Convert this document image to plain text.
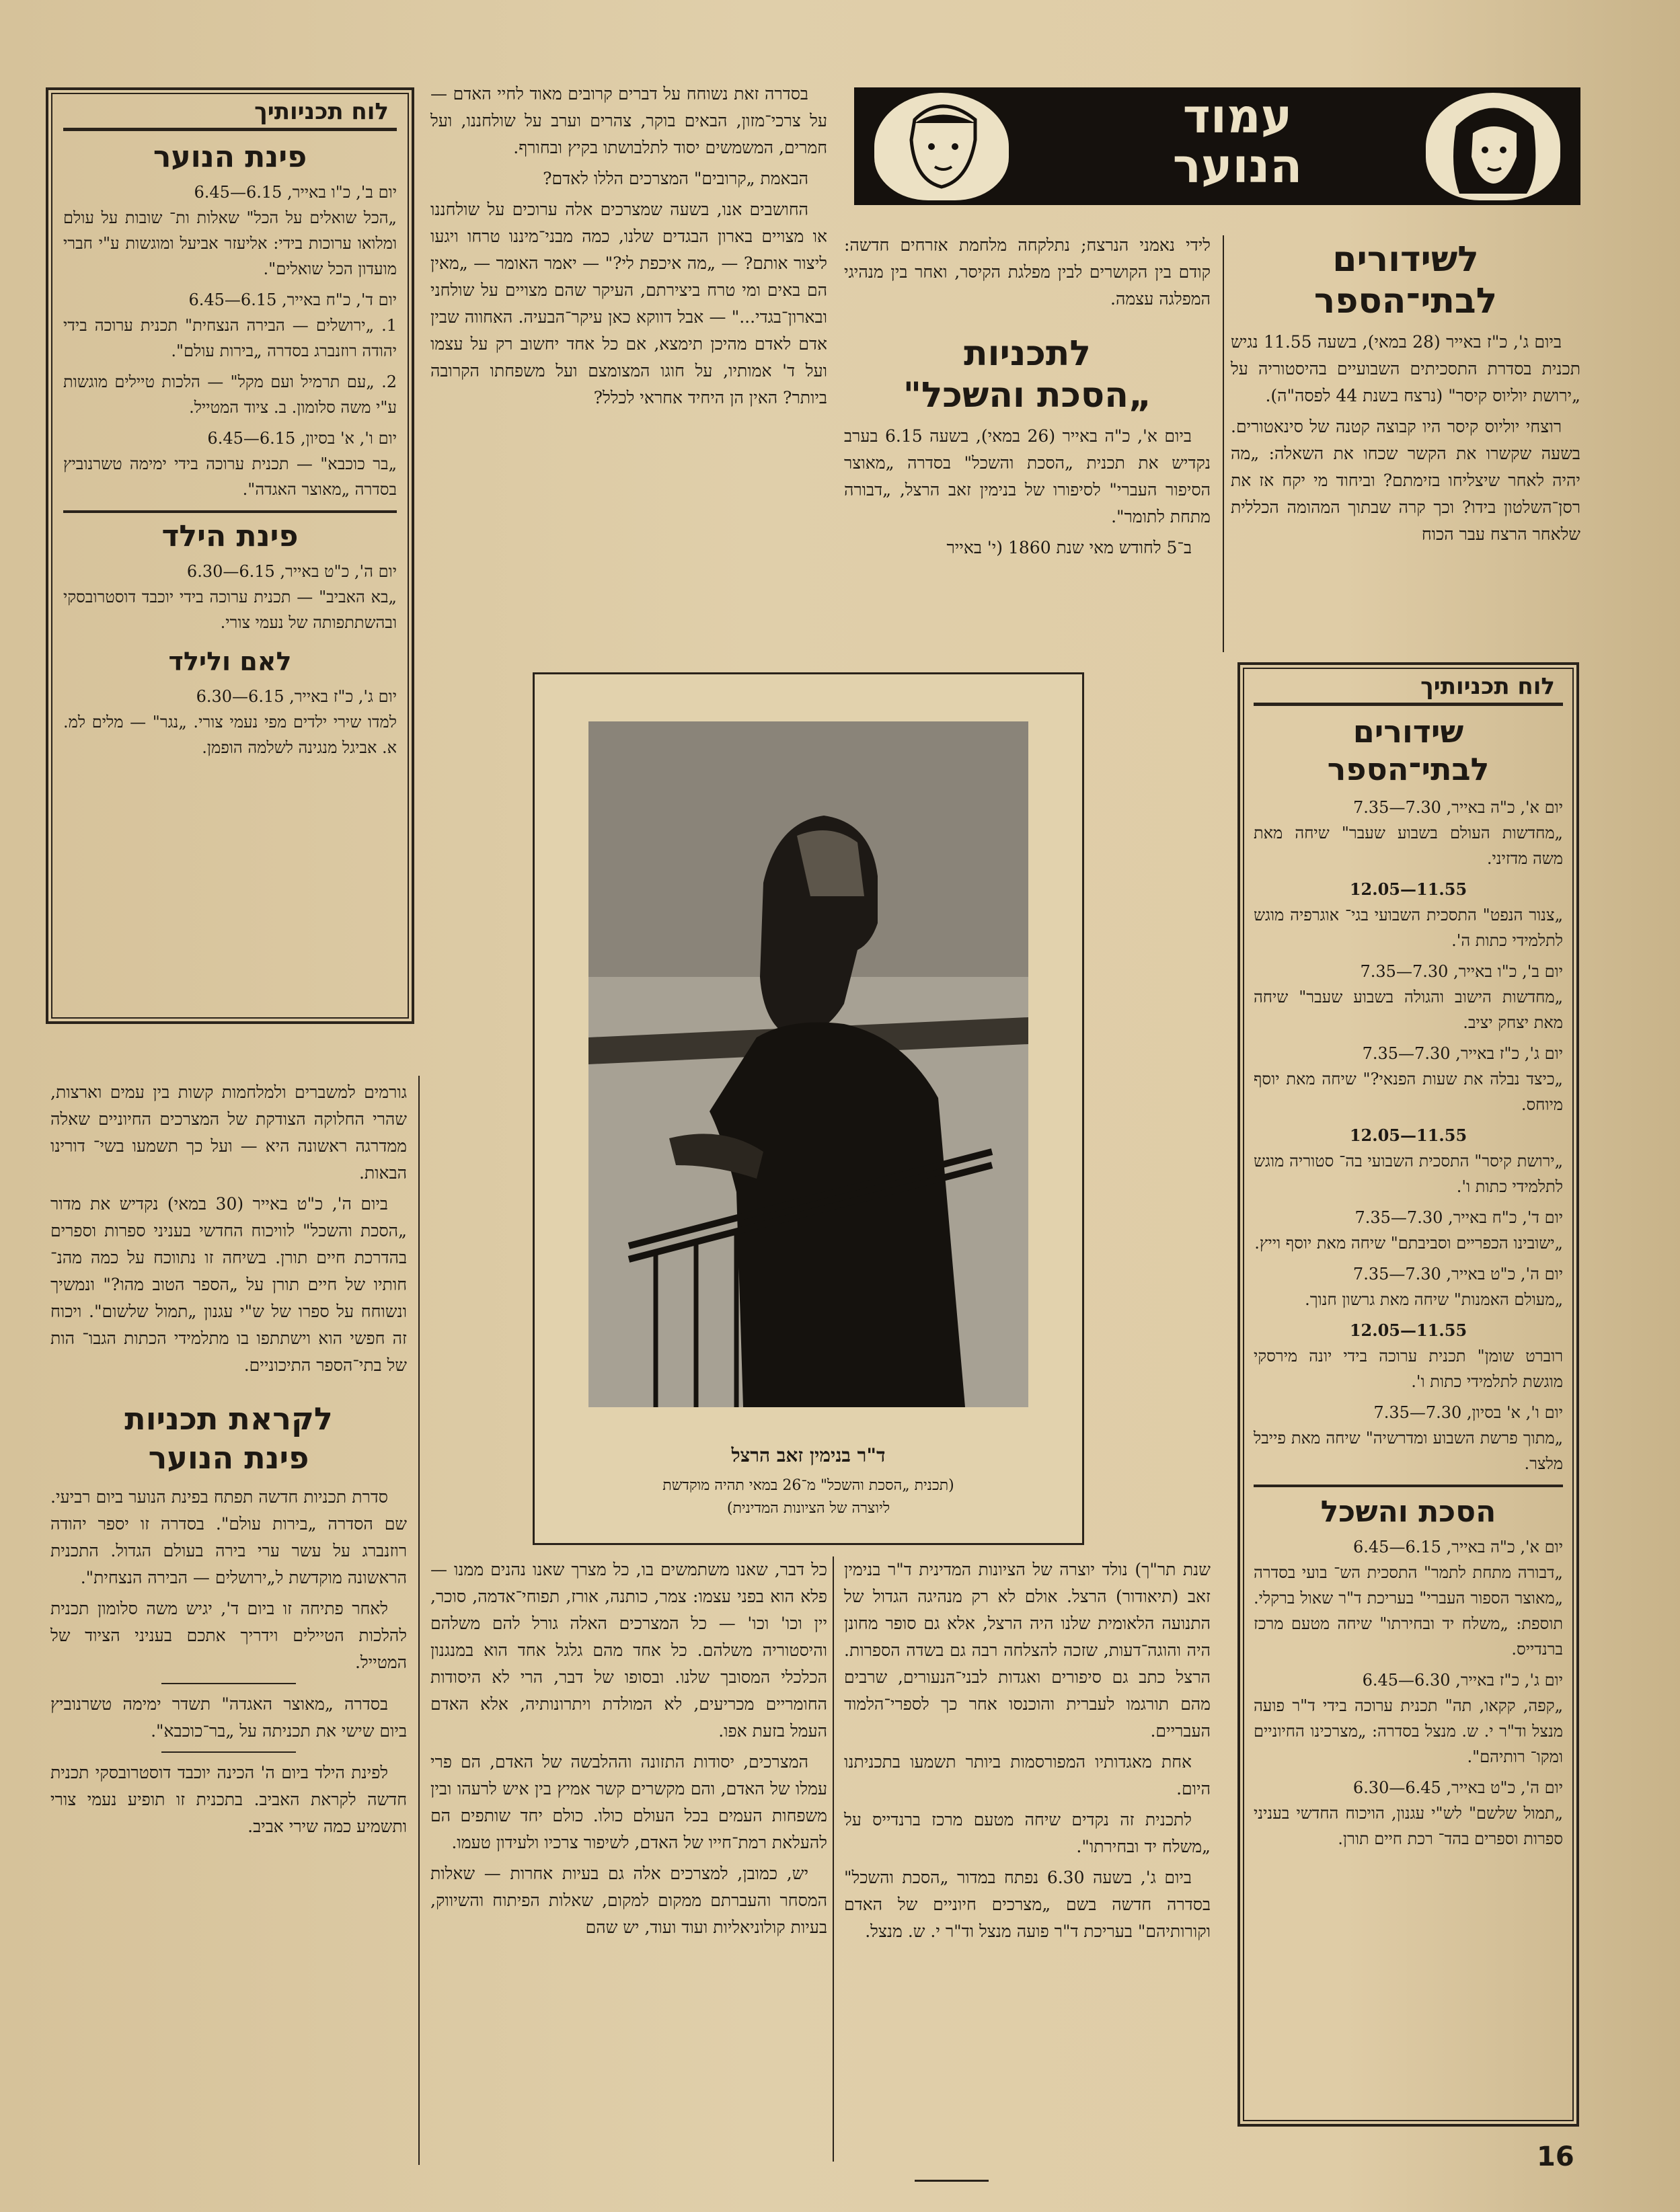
עמוד
הנוער
לשידורים
לבתי־הספר

ביום ג', כ"ז באייר (28 במאי), בשעה 11.55 נגיש תכנית בסדרת התסכיתים השבועיים בהיסטוריה על „ירושת יוליוס קיסר" (נרצח בשנת 44 לפסה"ה).

רוצחי יוליוס קיסר היו קבוצה קטנה של סינאטורים. בשעה שקשרו את הקשר שכחו את השאלה: „מה יהיה לאחר שיצליחו בזימתם? וביחוד מי יקח אז את רסן־השלטון בידו? וכך קרה שבתוך המהומה הכללית שלאחר הרצח עבר הכוח

לוח תכניותיך
שידורים
לבתי־הספר
יום א', כ"ה באייר, 7.30—7.35
„מחדשות העולם בשבוע שעבר" שיחה מאת משה מדזיני.
11.55—12.05
„צנור הנפט" התסכית השבועי בגי־ אוגרפיה מוגש לתלמידי כתות ה'.
יום ב', כ"ו באייר, 7.30—7.35
„מחדשות הישוב והגולה בשבוע שעבר" שיחה מאת יצחק יציב.
יום ג', כ"ז באייר, 7.30—7.35
„כיצד נבלה את שעות הפנאי?" שיחה מאת יוסף מיוחס.
11.55—12.05
„ירושת קיסר" התסכית השבועי בה־ סטוריה מוגש לתלמידי כתות ו'.
יום ד', כ"ח באייר, 7.30—7.35
„ישובינו הכפריים וסביבתם" שיחה מאת יוסף וייץ.
יום ה', כ"ט באייר, 7.30—7.35
„מעולם האמנות" שיחה מאת גרשון חנוך.
11.55—12.05
רוברט שומן" תכנית ערוכה בידי יונה מירסקי מוגשת לתלמידי כתות ו'.
יום ו', א' בסיון, 7.30—7.35
„מתוך פרשת השבוע ומדרשיה" שיחה מאת פייבל מלצר.
הסכת והשכל
יום א', כ"ה באייר, 6.15—6.45
„דבורה מתחת לתמר" התסכית הש־ בועי בסדרה „מאוצר הספור העברי" בעריכת ד"ר שאול ברקלי. תוספת: „משלח יד ובחירתו" שיחה מטעם מרכז ברנדייס.
יום ג', כ"ז באייר, 6.30—6.45
„קפה, קקאו, תה" תכנית ערוכה בידי ד"ר פועה מנצל וד"ר י. ש. מנצל בסדרה: „מצרכינו החיוניים ומקו־ רותיהם".
יום ה', כ"ט באייר, 6.45—6.30
„תמול שלשם" לש"י עגנון, הויכוח החדשי בעניני ספרות וספרים בהד־ רכת חיים תורן.

לידי נאמני הנרצח; נתלקחה מלחמת אזרחים חדשה: קודם בין הקושרים לבין מפלגת הקיסר, ואחר בין מנהיגי המפלגה עצמה.

לתכניות
„הסכת והשכל"

ביום א', כ"ה באייר (26 במאי), בשעה 6.15 בערב נקדיש את תכנית „הסכת והשכל" בסדרה „מאוצר הסיפור העברי" לסיפורו של בנימין זאב הרצל, „דבורה מתחת לתומר".

ב־5 לחודש מאי שנת 1860 (י' באייר

שנת תר"ך) נולד יוצרה של הציונות המדינית ד"ר בנימין זאב (תיאודור) הרצל. אולם לא רק מנהיגה הגדול של התנועה הלאומית שלנו היה הרצל, אלא גם סופר מחונן היה והוגה־דעות, שזכה להצלחה רבה גם בשדה הספרות. הרצל כתב גם סיפורים ואגדות לבני־הנעורים, שרבים מהם תורגמו לעברית והוכנסו אחר כך לספרי־הלמוד העבריים.

אחת מאגדותיו המפורסמות ביותר תשמעו בתכניתנו היום.

לתכנית זה נקדים שיחה מטעם מרכז ברנדייס על „משלח יד ובחירתו".

ביום ג', בשעה 6.30 נפתח במדור „הסכת והשכל" בסדרה חדשה בשם „מצרכים חיוניים של האדם וקורותיהם" בעריכת ד"ר פועה מנצל וד"ר י. ש. מנצל.

בסדרה זאת נשוחח על דברים קרובים מאוד לחיי האדם — על צרכי־מזון, הבאים בוקר, צהרים וערב על שולחננו, ועל חמרים, המשמשים יסוד לתלבושתו בקיץ ובחורף.

הבאמת „קרובים" המצרכים הללו לאדם?

החושבים אנו, בשעה שמצרכים אלה ערוכים על שולחננו או מצויים בארון הבגדים שלנו, כמה מבני־מיננו טרחו ויגעו ליצור אותם? — „מה איכפת לי?" — יאמר האומר — „מאין הם באים ומי טרח ביצירתם, העיקר שהם מצויים על שולחני ובארון־בגדי..." — אבל דווקא כאן עיקר־הבעיה. האחווה שבין אדם לאדם מהיכן תימצא, אם כל אחד יחשוב רק על עצמו ועל ד' אמותיו, על חוגו המצומצם ועל משפחתו הקרובה ביותר? האין הן היחיד אחראי לכלל?

כל דבר, שאנו משתמשים בו, כל מצרך שאנו נהנים ממנו — פלא הוא בפני עצמו: צמר, כותנה, אורז, תפוחי־אדמה, סוכר, יין וכו' וכו' — כל המצרכים האלה גורל להם משלהם והיסטוריה משלהם. כל אחד מהם גלגל אחד הוא במנגנון הכלכלי המסובך שלנו. ובסופו של דבר, הרי לא היסודות החומריים מכריעים, לא המולדת ויתרונותיה, אלא האדם העמל בזעת אפו.

המצרכים, יסודות התזונה וההלבשה של האדם, הם פרי עמלו של האדם, והם מקשרים קשר אמיץ בין איש לרעהו ובין משפחות העמים בכל העולם כולו. כולם יחד שותפים הם להעלאת רמת־חייו של האדם, לשיפור צרכיו ולעידון טעמו.

יש, כמובן, למצרכים אלה גם בעיות אחרות — שאלות המסחר והעברתם ממקום למקום, שאלות הפיתוח והשיווק, בעיות קולוניאליות ועוד ועוד, יש שהם

ד"ר בנימין זאב הרצל
(תכנית „הסכת והשכל" מ־26 במאי תהיה מוקדשת
ליוצרה של הציונות המדינית)
לוח תכניותיך
פינת הנוער
יום ב', כ"ו באייר, 6.15—6.45
„הכל שואלים על הכל" שאלות ות־ שובות על עולם ומלואו ערוכות בידי: אליעזר אביעל ומוגשות ע"י חברי מועדון הכל שואלים".
יום ד', כ"ח באייר, 6.15—6.45
1. „ירושלים — הבירה הנצחית" תכנית ערוכה בידי יהודה רוזנברג בסדרה „בירות עולם".
2. „עם תרמיל ועם מקל" — הלכות טיילים מוגשות ע"י משה סלומון. ב. ציוד המטייל.
יום ו', א' בסיון, 6.15—6.45
„בר כוכבא" — תכנית ערוכה בידי ימימה טשרנוביץ בסדרה „מאוצר האגדה".
פינת הילד
יום ה', כ"ט באייר, 6.15—6.30
„בא האביב" — תכנית ערוכה בידי יוכבד דוסטרובסקי ובהשתתפותה של נעמי צורי.
לאם ולילד
יום ג', כ"ז באייר, 6.15—6.30
למדו שירי ילדים מפי נעמי צורי. „נגר" — מלים למ. א. אביגל מנגינה לשלמה הופמן.

גורמים למשברים ולמלחמות קשות בין עמים וארצות, שהרי החלוקה הצודקת של המצרכים החיוניים שאלה ממדרגה ראשונה היא — ועל כך תשמעו בשי־ דורינו הבאות.

ביום ה', כ"ט באייר (30 במאי) נקדיש את מדור „הסכת והשכל" לוויכוח החדשי בעניני ספרות וספרים בהדרכת חיים תורן. בשיחה זו נתווכח על כמה מהנ־ חותיו של חיים תורן על „הספר הטוב מהו?" ונמשיך ונשוחח על ספרו של ש"י עגנון „תמול שלשום". ויכוח זה חפשי הוא וישתתפו בו מתלמידי הכתות הגבו־ הות של בתי־הספר התיכוניים.

לקראת תכניות
פינת הנוער

סדרת תכניות חדשה תפתח בפינת הנוער ביום רביעי. שם הסדרה „בירות עולם". בסדרה זו יספר יהודה רוזנברג על עשר ערי בירה בעולם הגדול. התכנית הראשונה מוקדשת ל„ירושלים — הבירה הנצחית".

לאחר פתיחה זו ביום ד', יגיש משה סלומון תכנית להלכות הטיילים וידריך אתכם בעניני הציוד של המטייל.

בסדרה „מאוצר האגדה" תשדר ימימה טשרנוביץ ביום שישי את תכניתה על „בר־כוכבא".

לפינת הילד ביום ה' הכינה יוכבד דוסטרובסקי תכנית חדשה לקראת האביב. בתכנית זו תופיע נעמי צורי ותשמיע כמה שירי אביב.

16
